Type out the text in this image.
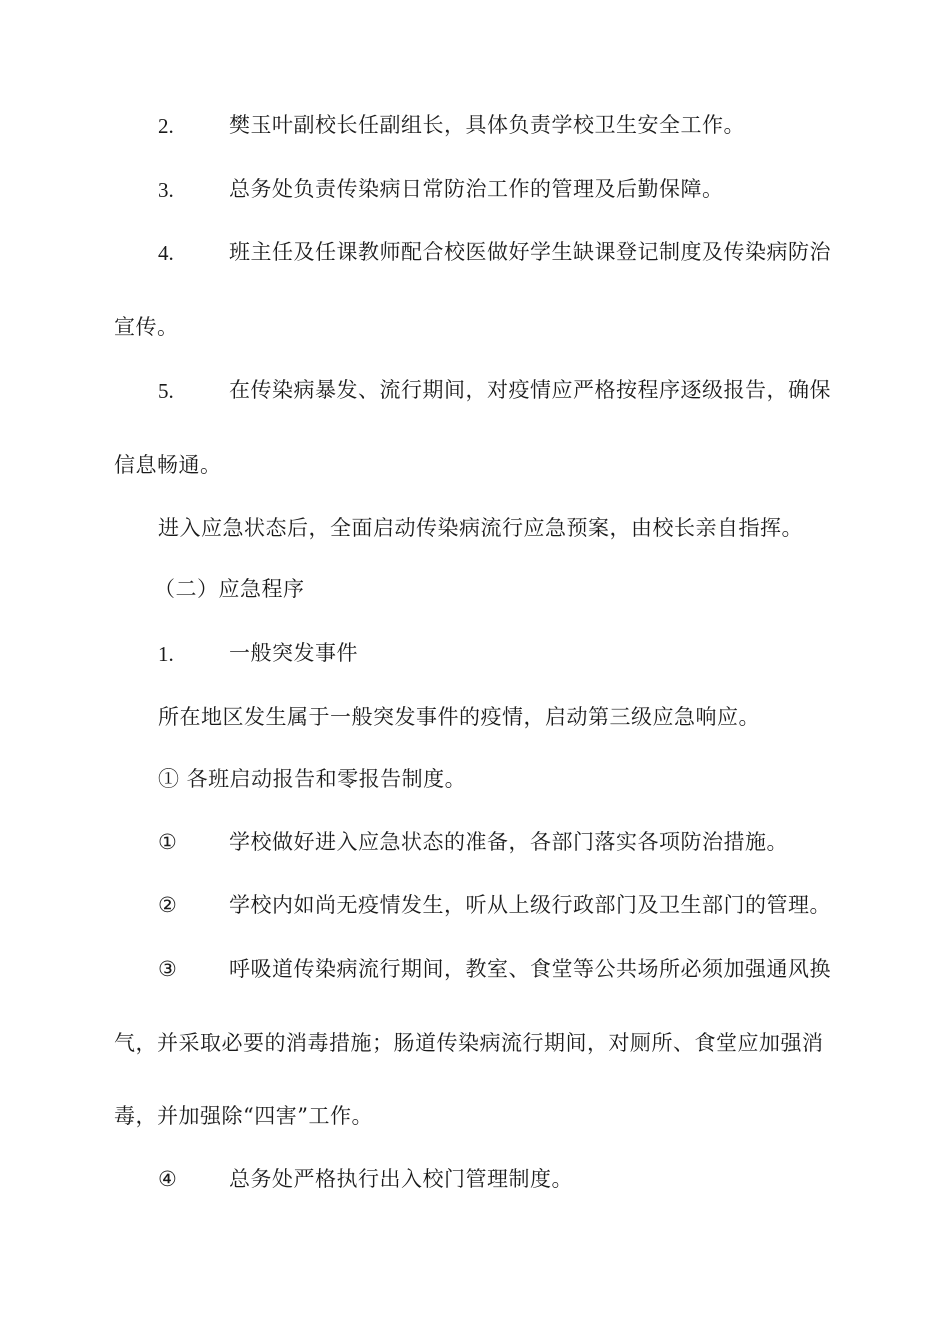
2.	樊玉叶副校长任副组长，具体负责学校卫生安全工作。
3.	总务处负责传染病日常防治工作的管理及后勤保障。
4.	班主任及任课教师配合校医做好学生缺课登记制度及传染病防治
宣传。
5.	在传染病暴发、流行期间，对疫情应严格按程序逐级报告，确保
信息畅通。
进入应急状态后，全面启动传染病流行应急预案，由校长亲自指挥。
（二）应急程序
1.	一般突发事件
所在地区发生属于一般突发事件的疫情，启动第三级应急响应。
① 各班启动报告和零报告制度。
① 学校做好进入应急状态的准备，各部门落实各项防治措施。
② 学校内如尚无疫情发生，听从上级行政部门及卫生部门的管理。
③ 呼吸道传染病流行期间，教室、食堂等公共场所必须加强通风换
气，并采取必要的消毒措施；肠道传染病流行期间，对厕所、食堂应加强消
毒，并加强除“四害”工作。
④ 总务处严格执行出入校门管理制度。
